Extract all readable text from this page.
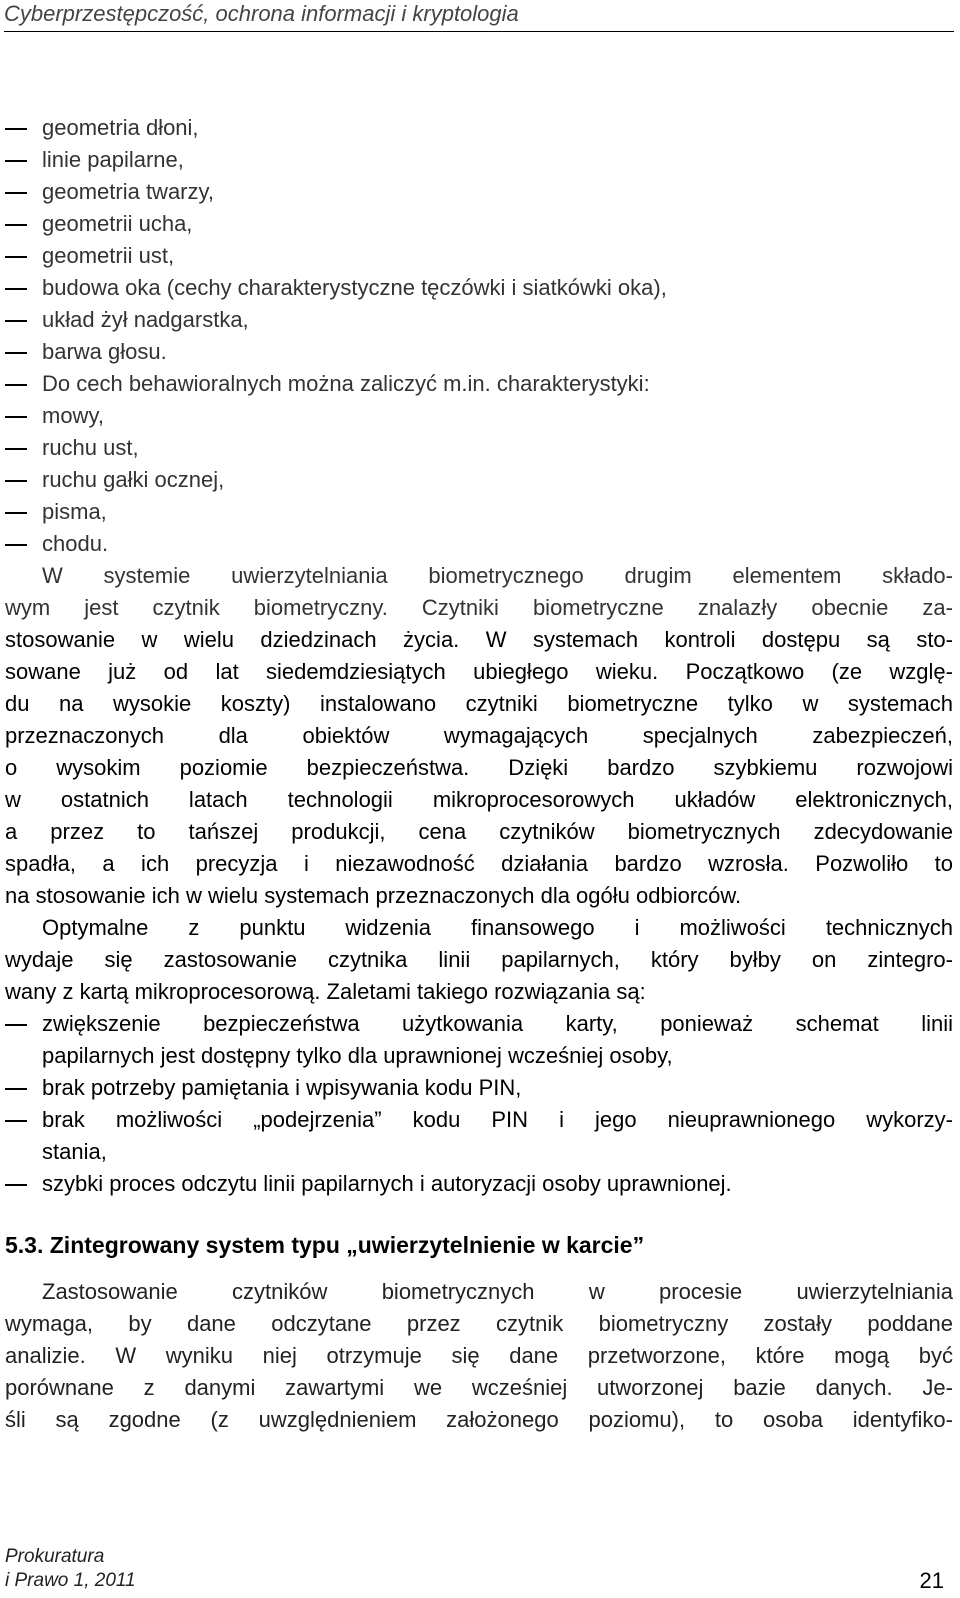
Cyberprzestępczość, ochrona informacji i kryptologia
geometria dłoni,
linie papilarne,
geometria twarzy,
geometrii ucha,
geometrii ust,
budowa oka (cechy charakterystyczne tęczówki i siatkówki oka),
układ żył nadgarstka,
barwa głosu.
Do cech behawioralnych można zaliczyć m.in. charakterystyki:
mowy,
ruchu ust,
ruchu gałki ocznej,
pisma,
chodu.
W systemie uwierzytelniania biometrycznego drugim elementem składo-
wym jest czytnik biometryczny. Czytniki biometryczne znalazły obecnie za-
stosowanie w wielu dziedzinach życia. W systemach kontroli dostępu są sto-
sowane już od lat siedemdziesiątych ubiegłego wieku. Początkowo (ze wzglę-
du na wysokie koszty) instalowano czytniki biometryczne tylko w systemach
przeznaczonych dla obiektów wymagających specjalnych zabezpieczeń,
o wysokim poziomie bezpieczeństwa. Dzięki bardzo szybkiemu rozwojowi
w ostatnich latach technologii mikroprocesorowych układów elektronicznych,
a przez to tańszej produkcji, cena czytników biometrycznych zdecydowanie
spadła, a ich precyzja i niezawodność działania bardzo wzrosła. Pozwoliło to
na stosowanie ich w wielu systemach przeznaczonych dla ogółu odbiorców.
Optymalne z punktu widzenia finansowego i możliwości technicznych
wydaje się zastosowanie czytnika linii papilarnych, który byłby on zintegro-
wany z kartą mikroprocesorową. Zaletami takiego rozwiązania są:
zwiększenie bezpieczeństwa użytkowania karty, ponieważ schemat linii
papilarnych jest dostępny tylko dla uprawnionej wcześniej osoby,
brak potrzeby pamiętania i wpisywania kodu PIN,
brak możliwości „podejrzenia” kodu PIN i jego nieuprawnionego wykorzy-
stania,
szybki proces odczytu linii papilarnych i autoryzacji osoby uprawnionej.
5.3. Zintegrowany system typu „uwierzytelnienie w karcie”
Zastosowanie czytników biometrycznych w procesie uwierzytelniania
wymaga, by dane odczytane przez czytnik biometryczny zostały poddane
analizie. W wyniku niej otrzymuje się dane przetworzone, które mogą być
porównane z danymi zawartymi we wcześniej utworzonej bazie danych. Je-
śli są zgodne (z uwzględnieniem założonego poziomu), to osoba identyfiko-
Prokuratura
i Prawo 1, 2011	21
